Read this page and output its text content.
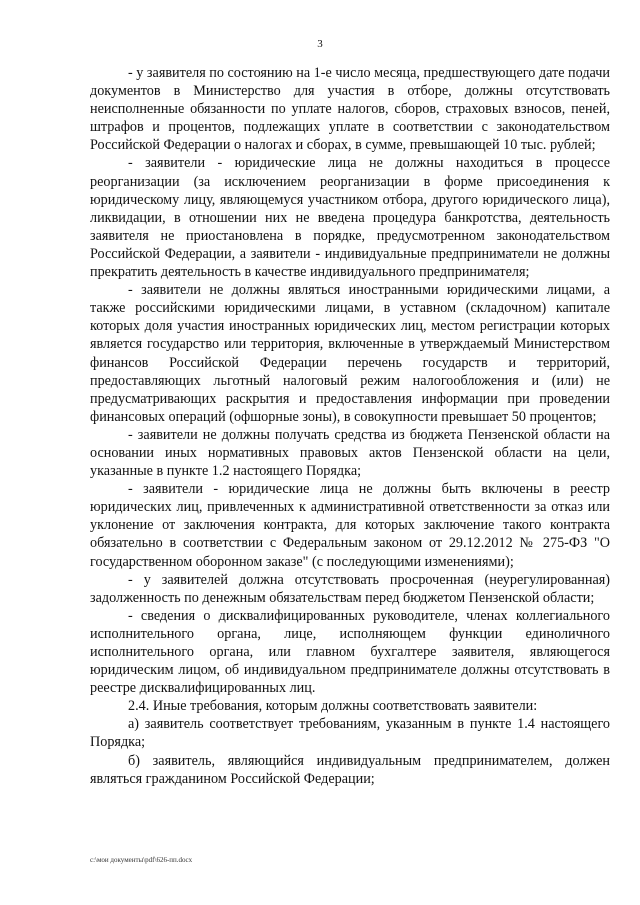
3

- у заявителя по состоянию на 1-е число месяца, предшествующего дате подачи документов в Министерство для участия в отборе, должны отсутствовать неисполненные обязанности по уплате налогов, сборов, страховых взносов, пеней, штрафов и процентов, подлежащих уплате в соответствии с законодательством Российской Федерации о налогах и сборах, в сумме, превышающей 10 тыс. рублей;

- заявители - юридические лица не должны находиться в процессе реорганизации (за исключением реорганизации в форме присоединения к юридическому лицу, являющемуся участником отбора, другого юридического лица), ликвидации, в отношении них не введена процедура банкротства, деятельность заявителя не приостановлена в порядке, предусмотренном законодательством Российской Федерации, а заявители - индивидуальные предприниматели не должны прекратить деятельность в качестве индивидуального предпринимателя;

- заявители не должны являться иностранными юридическими лицами, а также российскими юридическими лицами, в уставном (складочном) капитале которых доля участия иностранных юридических лиц, местом регистрации которых является государство или территория, включенные в утверждаемый Министерством финансов Российской Федерации перечень государств и территорий, предоставляющих льготный налоговый режим налогообложения и (или) не предусматривающих раскрытия и предоставления информации при проведении финансовых операций (офшорные зоны), в совокупности превышает 50 процентов;

- заявители не должны получать средства из бюджета Пензенской области на основании иных нормативных правовых актов Пензенской области на цели, указанные в пункте 1.2 настоящего Порядка;

- заявители - юридические лица не должны быть включены в реестр юридических лиц, привлеченных к административной ответственности за отказ или уклонение от заключения контракта, для которых заключение такого контракта обязательно в соответствии с Федеральным законом от 29.12.2012 № 275-ФЗ "О государственном оборонном заказе" (с последующими изменениями);

- у заявителей должна отсутствовать просроченная (неурегулированная) задолженность по денежным обязательствам перед бюджетом Пензенской области;

- сведения о дисквалифицированных руководителе, членах коллегиального исполнительного органа, лице, исполняющем функции единоличного исполнительного органа, или главном бухгалтере заявителя, являющегося юридическим лицом, об индивидуальном предпринимателе должны отсутствовать в реестре дисквалифицированных лиц.

2.4. Иные требования, которым должны соответствовать заявители:

а) заявитель соответствует требованиям, указанным в пункте 1.4 настоящего Порядка;

б) заявитель, являющийся индивидуальным предпринимателем, должен являться гражданином Российской Федерации;

c:\мои документы\pdf\626-пп.docx
